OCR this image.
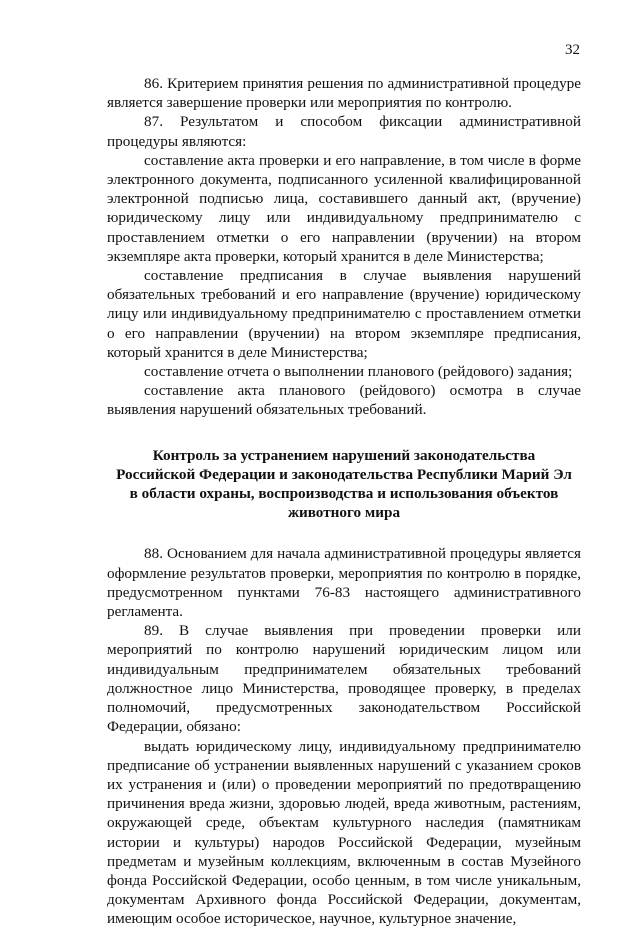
32

86. Критерием принятия решения по административной процедуре является завершение проверки или мероприятия по контролю.

87. Результатом и способом фиксации административной процедуры являются:

составление акта проверки и его направление, в том числе в форме электронного документа, подписанного усиленной квалифицированной электронной подписью лица, составившего данный акт, (вручение) юридическому лицу или индивидуальному предпринимателю с проставлением отметки о его направлении (вручении) на втором экземпляре акта проверки, который хранится в деле Министерства;

составление предписания в случае выявления нарушений обязательных требований и его направление (вручение) юридическому лицу или индивидуальному предпринимателю с проставлением отметки о его направлении (вручении) на втором экземпляре предписания, который хранится в деле Министерства;

составление отчета о выполнении планового (рейдового) задания;

составление акта планового (рейдового) осмотра в случае выявления нарушений обязательных требований.

Контроль за устранением нарушений законодательства Российской Федерации и законодательства Республики Марий Эл в области охраны, воспроизводства и использования объектов животного мира

88. Основанием для начала административной процедуры является оформление результатов проверки, мероприятия по контролю в порядке, предусмотренном пунктами 76-83 настоящего административного регламента.

89. В случае выявления при проведении проверки или мероприятий по контролю нарушений юридическим лицом или индивидуальным предпринимателем обязательных требований должностное лицо Министерства, проводящее проверку, в пределах полномочий, предусмотренных законодательством Российской Федерации, обязано:

выдать юридическому лицу, индивидуальному предпринимателю предписание об устранении выявленных нарушений с указанием сроков их устранения и (или) о проведении мероприятий по предотвращению причинения вреда жизни, здоровью людей, вреда животным, растениям, окружающей среде, объектам культурного наследия (памятникам истории и культуры) народов Российской Федерации, музейным предметам и музейным коллекциям, включенным в состав Музейного фонда Российской Федерации, особо ценным, в том числе уникальным, документам Архивного фонда Российской Федерации, документам, имеющим особое историческое, научное, культурное значение,
